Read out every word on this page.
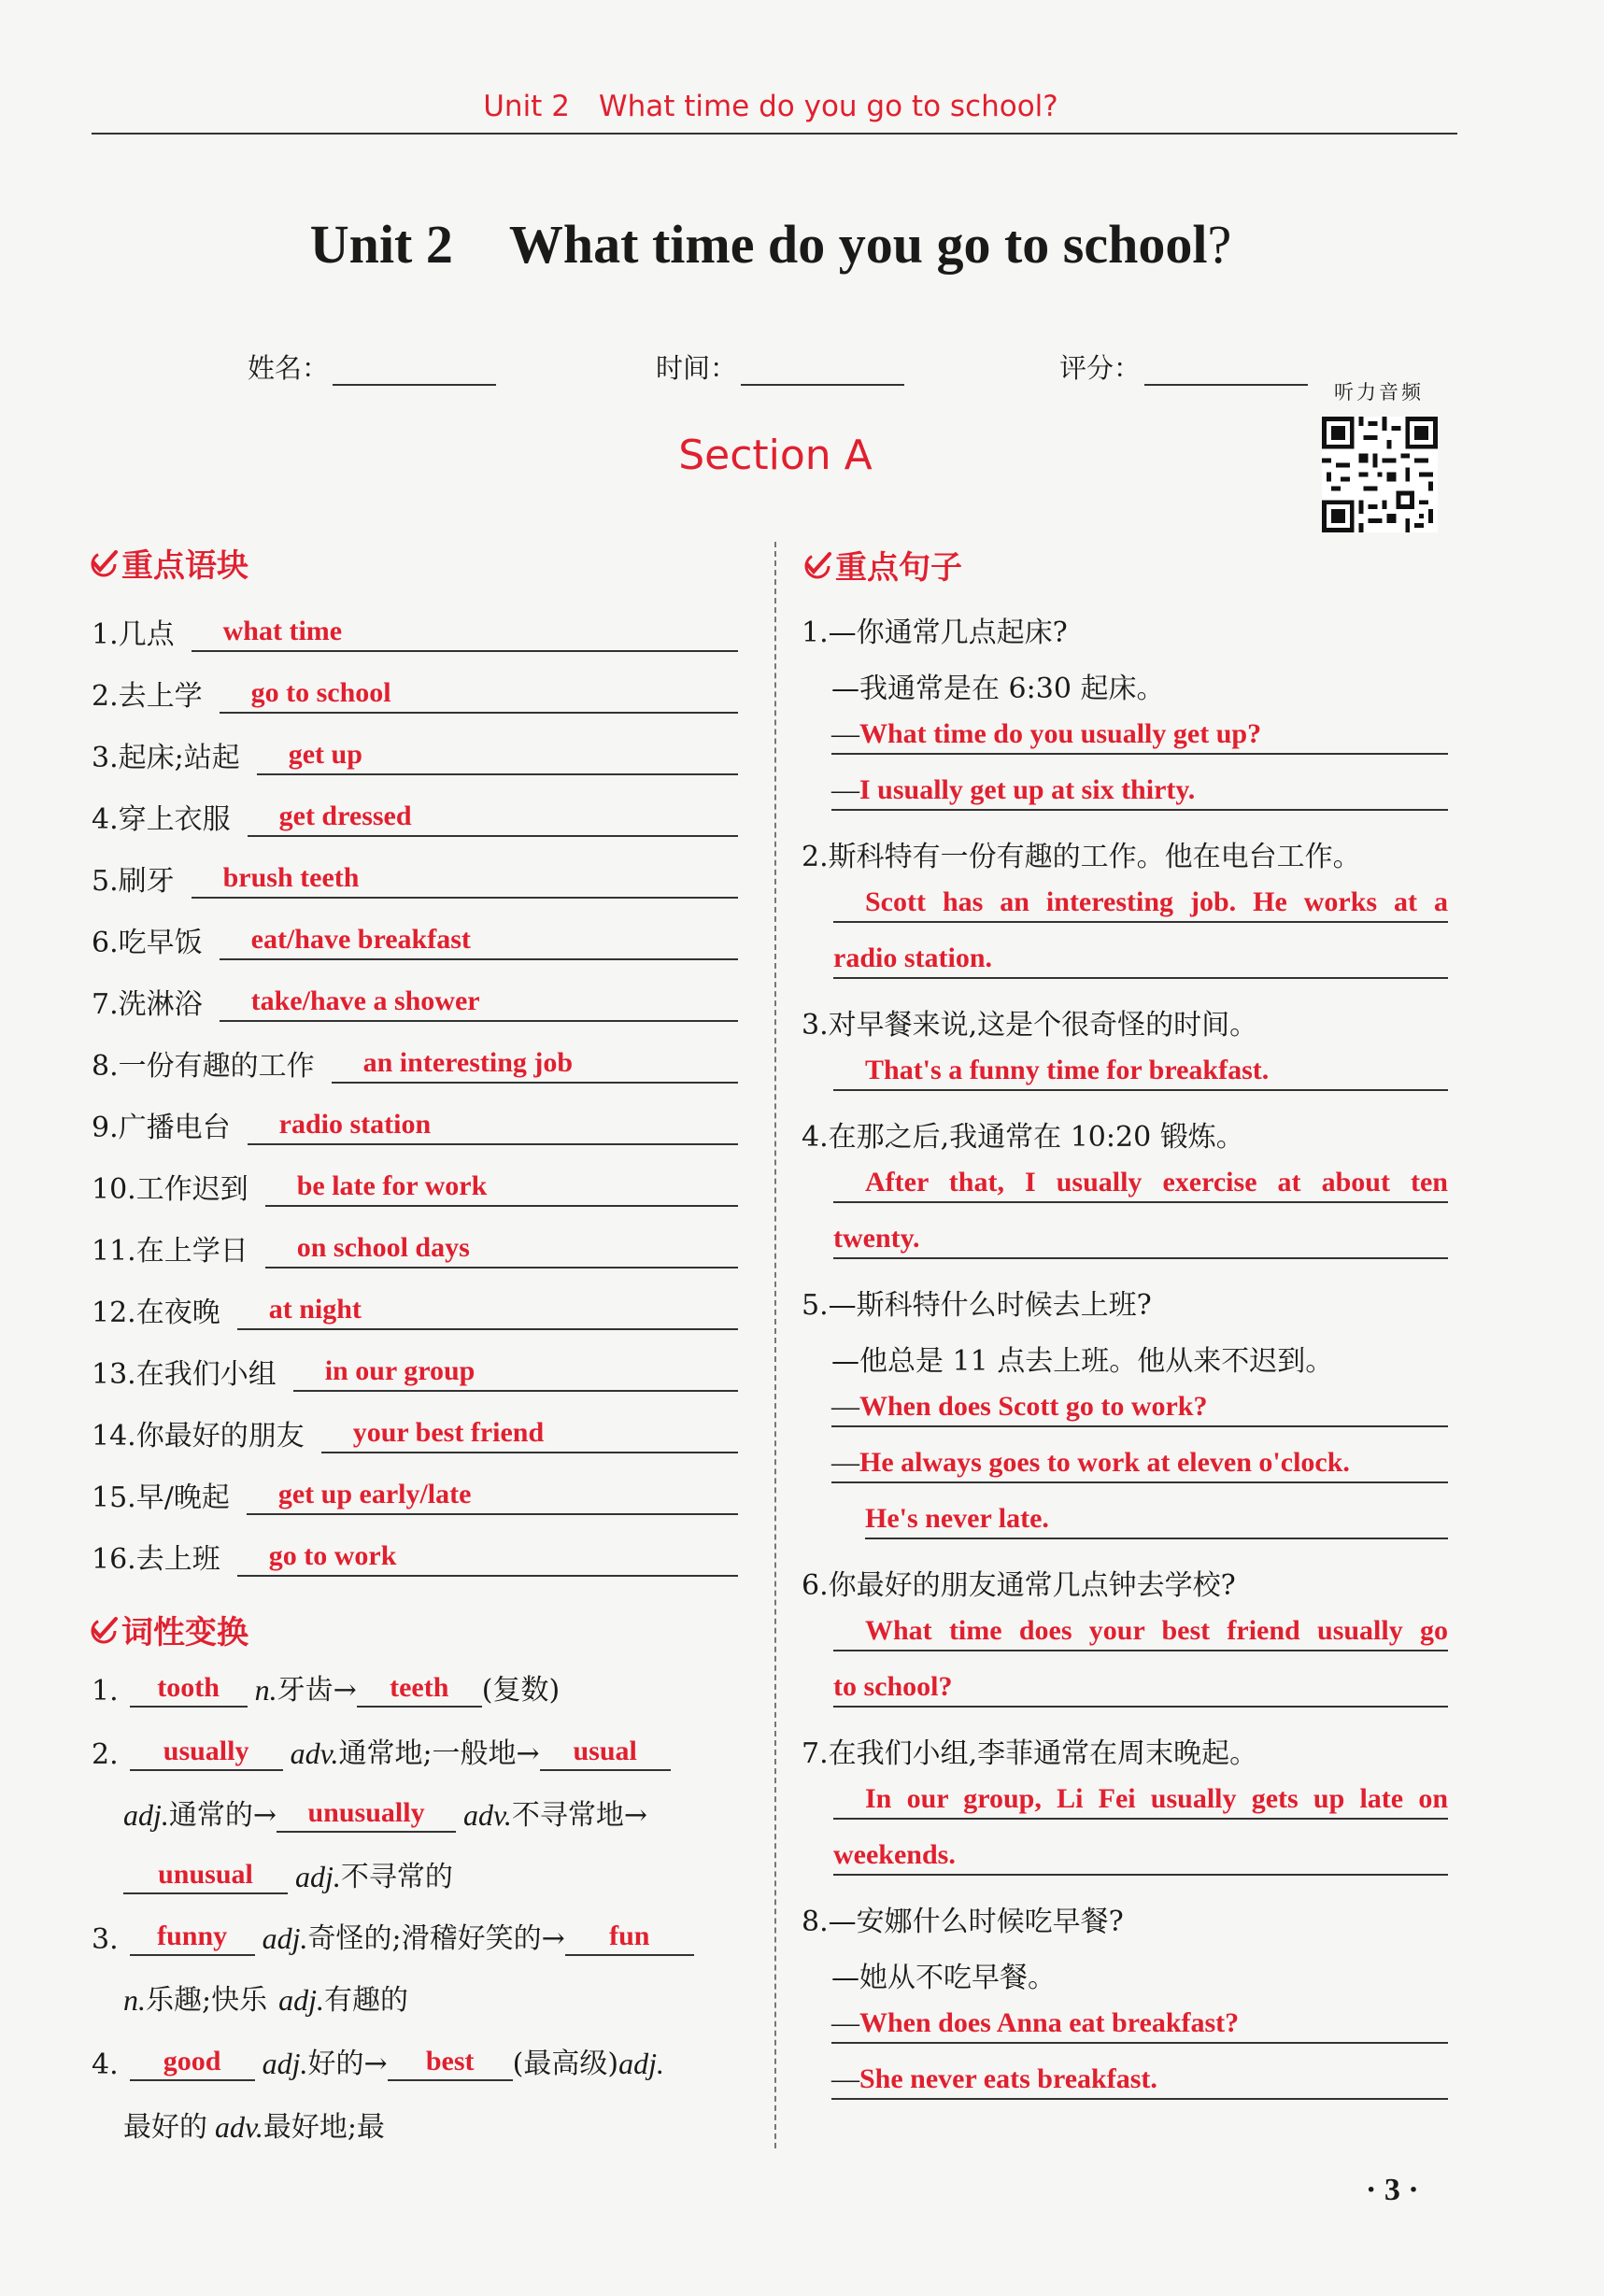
Unit 2　What time do you go to school?
Unit 2 What time do you go to school?
姓名：	时间：	评分：
听力音频
Section A
重点语块
1.几点	what time
2.去上学	go to school
3.起床;站起	get up
4.穿上衣服	get dressed
5.刷牙	brush teeth
6.吃早饭	eat/have breakfast
7.洗淋浴	take/have a shower
8.一份有趣的工作	an interesting job
9.广播电台	radio station
10.工作迟到	be late for work
11.在上学日	on school days
12.在夜晚	at night
13.在我们小组	in our group
14.你最好的朋友	your best friend
15.早/晚起	get up early/late
16.去上班	go to work
词性变换
1.	tooth	n. 牙齿→	teeth	(复数)
2.	usually	adv. 通常地;一般地→	usual
adj. 通常的→	unusually	adv. 不寻常地→
unusual	adj. 不寻常的
3.	funny	adj. 奇怪的;滑稽好笑的→	fun
n. 乐趣;快乐 adj. 有趣的
4.	good	adj. 好的→	best	(最高级) adj.
最好的 adv. 最好地;最
重点句子
1.—你通常几点起床?
—我通常是在 6:30 起床。
—What time do you usually get up?
—I usually get up at six thirty.
2.斯科特有一份有趣的工作。他在电台工作。
Scott has an interesting job. He works at a
radio station.
3.对早餐来说,这是个很奇怪的时间。
That's a funny time for breakfast.
4.在那之后,我通常在 10:20 锻炼。
After that, I usually exercise at about ten
twenty.
5.—斯科特什么时候去上班?
—他总是 11 点去上班。他从来不迟到。
—When does Scott go to work?
—He always goes to work at eleven o'clock.
He's never late.
6.你最好的朋友通常几点钟去学校?
What time does your best friend usually go
to school?
7.在我们小组,李菲通常在周末晚起。
In our group, Li Fei usually gets up late on
weekends.
8.—安娜什么时候吃早餐?
—她从不吃早餐。
—When does Anna eat breakfast?
—She never eats breakfast.
· 3 ·
